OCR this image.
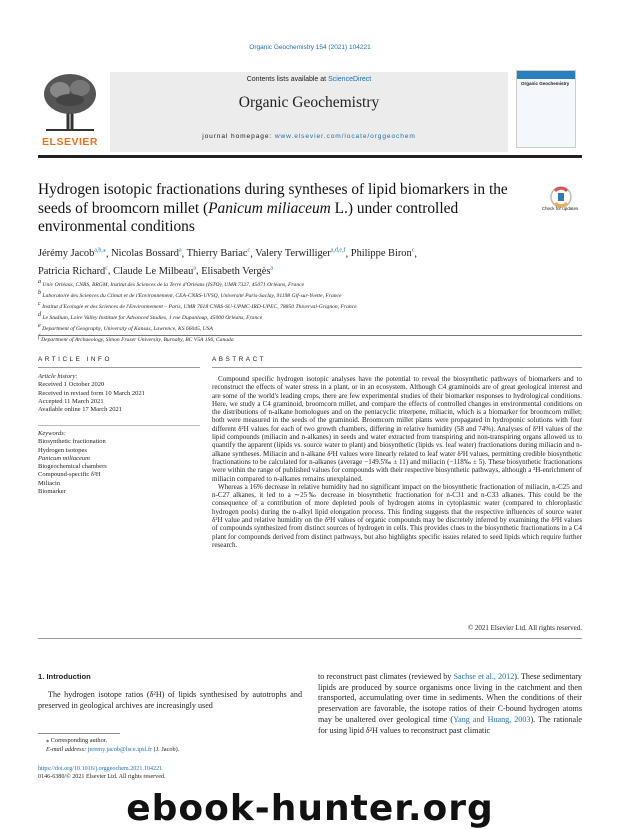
Organic Geochemistry 154 (2021) 104221
ELSEVIER
Contents lists available at ScienceDirect
Organic Geochemistry
journal homepage: www.elsevier.com/locate/orggeochem
Organic Geochemistry
Hydrogen isotopic fractionations during syntheses of lipid biomarkers in the seeds of broomcorn millet (Panicum miliaceum L.) under controlled environmental conditions
Check for updates
Jérémy Jacob$^{a,b,⁎}$, Nicolas Bossard$^a$, Thierry Bariac$^c$, Valery Terwilliger$^{a,d,e,f}$, Philippe Biron$^c$,
Patricia Richard$^c$, Claude Le Milbeau$^a$, Elisabeth Vergès$^a$
$^a$ Univ Orléans, CNRS, BRGM, Institut des Sciences de la Terre d'Orléans (ISTO), UMR 7327, 45071 Orléans, France
$^b$ Laboratoire des Sciences du Climat et de l'Environnement, CEA-CNRS-UVSQ, Université Paris-Saclay, 91198 Gif-sur-Yvette, France
$^c$ Institut d'Ecologie et des Sciences de l'Environnement – Paris, UMR 7618 CNRS-SU-UPMC-IRD-UPEC, 78850 Thiverval-Grignon, France
$^d$ Le Studium, Loire Valley Institute for Advanced Studies, 1 rue Dupanloup, 45000 Orléans, France
$^e$ Department of Geography, University of Kansas, Lawrence, KS 66045, USA
$^f$ Department of Archaeology, Simon Fraser University, Burnaby, BC V5A 1S6, Canada
ARTICLE INFO
Article history:
Received 1 October 2020
Received in revised form 10 March 2021
Accepted 11 March 2021
Available online 17 March 2021
Keywords:
Biosynthetic fractionation
Hydrogen isotopes
Panicum miliaceum
Biogeochemical chambers
Compound-specific δ²H
Miliacin
Biomarker
ABSTRACT

Compound specific hydrogen isotopic analyses have the potential to reveal the biosynthetic pathways of biomarkers and to reconstruct the effects of water stress in a plant, or in an ecosystem. Although C4 graminoids are of great geological interest and are some of the world's leading crops, there are few experimental studies of their biomarker responses to hydrological conditions. Here, we study a C4 graminoid, broomcorn millet, and compare the effects of controlled changes in environmental conditions on the distributions of n-alkane homologues and on the pentacyclic triterpene, miliacin, which is a biomarker for broomcorn millet; both were measured in the seeds of the graminoid. Broomcorn millet plants were propagated in hydroponic solutions with four different δ²H values for each of two growth chambers, differing in relative humidity (58 and 74%). Analyses of δ²H values of the lipid compounds (miliacin and n-alkanes) in seeds and water extracted from transpiring and non-transpiring organs allowed us to quantify the apparent (lipids vs. source water to plant) and biosynthetic (lipids vs. leaf water) fractionations during miliacin and n-alkane syntheses. Miliacin and n-alkane δ²H values were linearly related to leaf water δ²H values, permitting credible biosynthetic fractionations to be calculated for n-alkanes (average −149.5‰ ± 11) and miliacin (−118‰ ± 5). These biosynthetic fractionations were within the range of published values for compounds with their respective biosynthetic pathways, although a ²H-enrichment of miliacin compared to n-alkanes remains unexplained.

Whereas a 16% decrease in relative humidity had no significant impact on the biosynthetic fractionation of miliacin, n-C25 and n-C27 alkanes, it led to a ∼25‰ decrease in biosynthetic fractionation for n-C31 and n-C33 alkanes. This could be the consequence of a contribution of more depleted pools of hydrogen atoms in cytoplasmic water (compared to chloroplastic hydrogen pools) during the n-alkyl lipid elongation process. This finding suggests that the respective influences of source water δ²H value and relative humidity on the δ²H values of organic compounds may be discretely inferred by examining the δ²H values of compounds synthesized from distinct sources of hydrogen in cells. This provides clues to the biosynthetic fractionations in a C4 plant for compounds derived from distinct pathways, but also highlights specific issues related to seed lipids which require further research.

© 2021 Elsevier Ltd. All rights reserved.
1. Introduction
The hydrogen isotope ratios (δ²H) of lipids synthesised by autotrophs and preserved in geological archives are increasingly used
to reconstruct past climates (reviewed by Sachse et al., 2012). These sedimentary lipids are produced by source organisms once living in the catchment and then transported, accumulating over time in sediments. When the conditions of their preservation are favorable, the isotope ratios of their C-bound hydrogen atoms may be unaltered over geological time (Yang and Huang, 2003). The rationale for using lipid δ²H values to reconstruct past climatic
⁎ Corresponding author.
E-mail address: jeremy.jacob@lsce.ipsl.fr (J. Jacob).
https://doi.org/10.1016/j.orggeochem.2021.104221
0146-6380/© 2021 Elsevier Ltd. All rights reserved.
ebook-hunter.org
